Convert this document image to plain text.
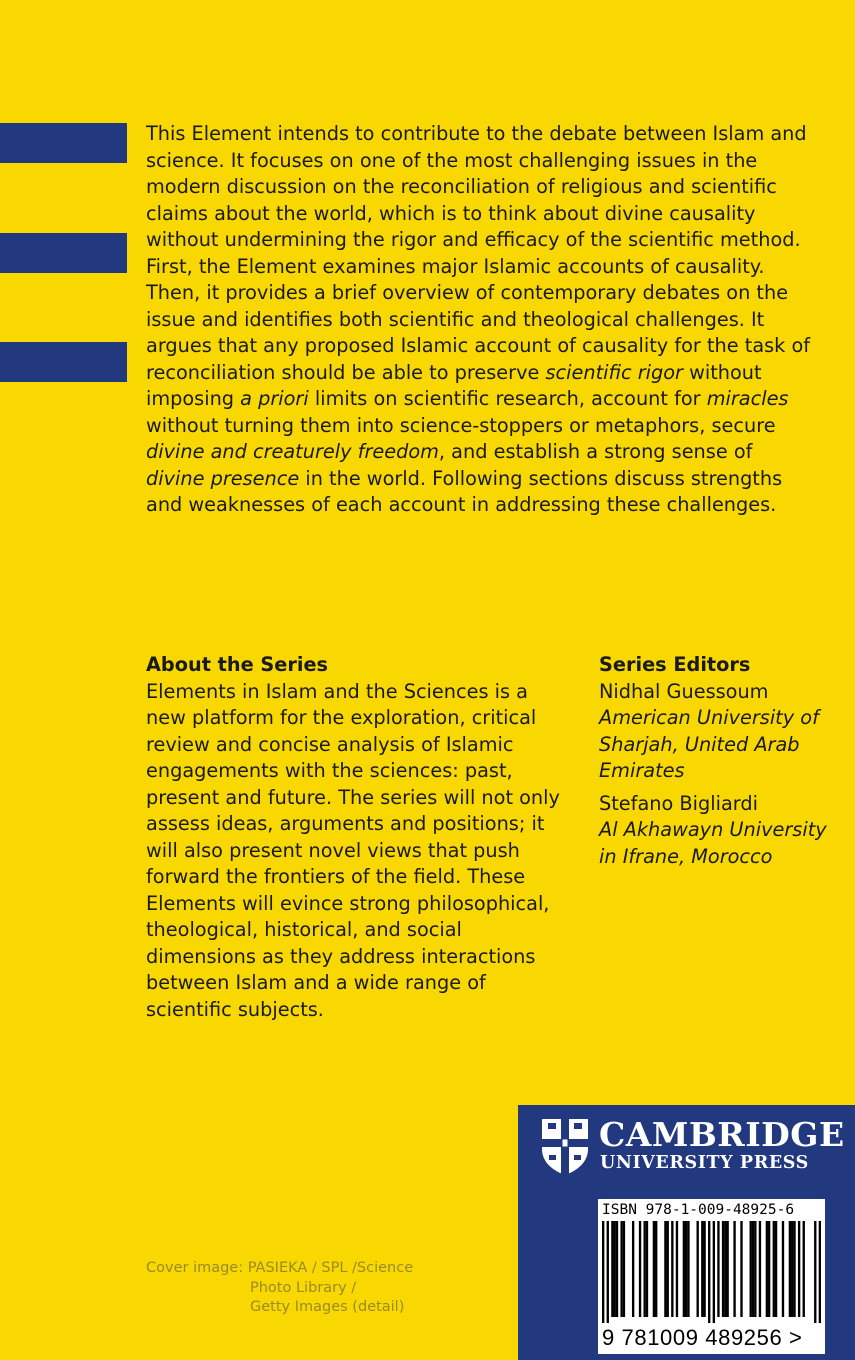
This Element intends to contribute to the debate between Islam and science. It focuses on one of the most challenging issues in the modern discussion on the reconciliation of religious and scientific claims about the world, which is to think about divine causality without undermining the rigor and efficacy of the scientific method. First, the Element examines major Islamic accounts of causality. Then, it provides a brief overview of contemporary debates on the issue and identifies both scientific and theological challenges. It argues that any proposed Islamic account of causality for the task of reconciliation should be able to preserve scientific rigor without imposing a priori limits on scientific research, account for miracles without turning them into science-stoppers or metaphors, secure divine and creaturely freedom, and establish a strong sense of divine presence in the world. Following sections discuss strengths and weaknesses of each account in addressing these challenges.

About the Series
Elements in Islam and the Sciences is a new platform for the exploration, critical review and concise analysis of Islamic engagements with the sciences: past, present and future. The series will not only assess ideas, arguments and positions; it will also present novel views that push forward the frontiers of the field. These Elements will evince strong philosophical, theological, historical, and social dimensions as they address interactions between Islam and a wide range of scientific subjects.
Series Editors
Nidhal Guessoum
American University of Sharjah, United Arab Emirates
Stefano Bigliardi
Al Akhawayn University in Ifrane, Morocco
Cover image: PASIEKA / SPL /Science
Photo Library /
Getty Images (detail)
CAMBRIDGE
UNIVERSITY PRESS
ISBN 978-1-009-48925-6
9 781009 489256 >
